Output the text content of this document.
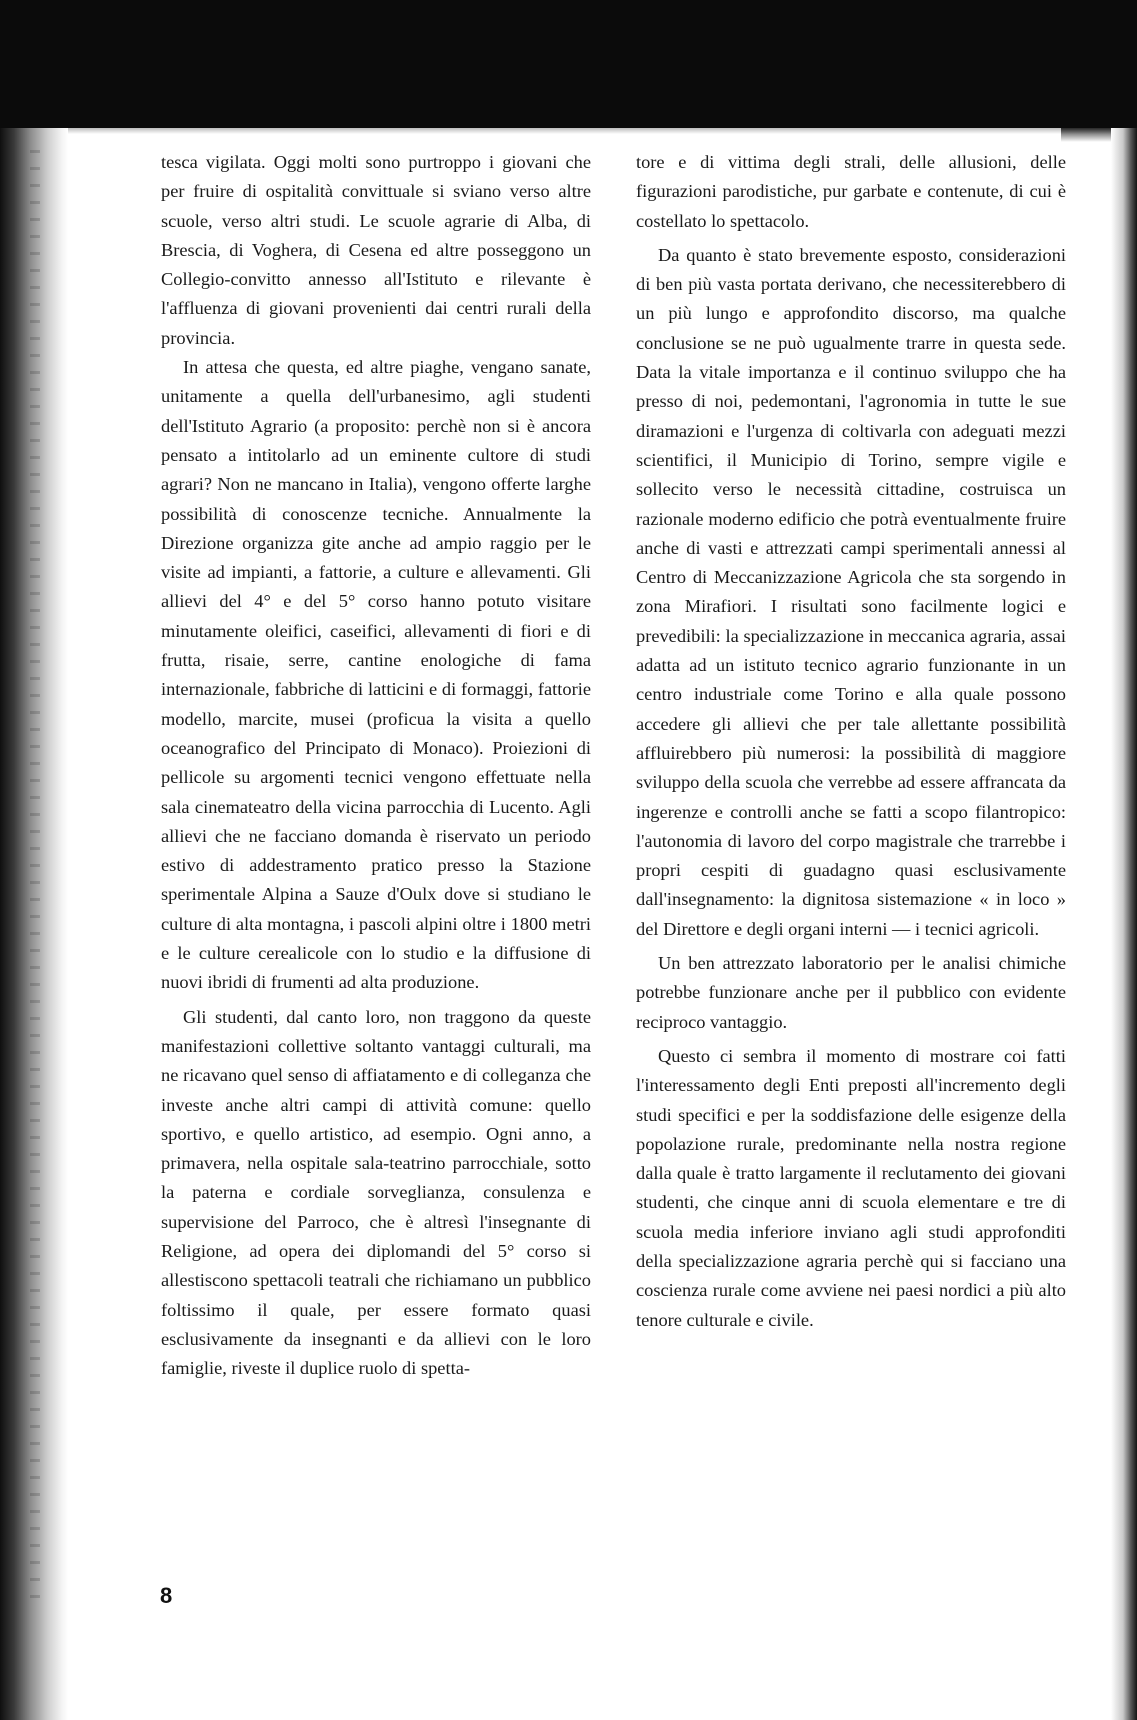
tesca vigilata. Oggi molti sono purtroppo i giovani che per fruire di ospitalità convittuale si sviano verso altre scuole, verso altri studi. Le scuole agrarie di Alba, di Brescia, di Voghera, di Cesena ed altre posseggono un Collegio-convitto annesso all'Istituto e rilevante è l'affluenza di giovani provenienti dai centri rurali della provincia.

In attesa che questa, ed altre piaghe, vengano sanate, unitamente a quella dell'urbanesimo, agli studenti dell'Istituto Agrario (a proposito: perchè non si è ancora pensato a intitolarlo ad un eminente cultore di studi agrari? Non ne mancano in Italia), vengono offerte larghe possibilità di conoscenze tecniche. Annualmente la Direzione organizza gite anche ad ampio raggio per le visite ad impianti, a fattorie, a culture e allevamenti. Gli allievi del 4° e del 5° corso hanno potuto visitare minutamente oleifici, caseifici, allevamenti di fiori e di frutta, risaie, serre, cantine enologiche di fama internazionale, fabbriche di latticini e di formaggi, fattorie modello, marcite, musei (proficua la visita a quello oceanografico del Principato di Monaco). Proiezioni di pellicole su argomenti tecnici vengono effettuate nella sala cinemateatro della vicina parrocchia di Lucento. Agli allievi che ne facciano domanda è riservato un periodo estivo di addestramento pratico presso la Stazione sperimentale Alpina a Sauze d'Oulx dove si studiano le culture di alta montagna, i pascoli alpini oltre i 1800 metri e le culture cerealicole con lo studio e la diffusione di nuovi ibridi di frumenti ad alta produzione.

Gli studenti, dal canto loro, non traggono da queste manifestazioni collettive soltanto vantaggi culturali, ma ne ricavano quel senso di affiatamento e di colleganza che investe anche altri campi di attività comune: quello sportivo, e quello artistico, ad esempio. Ogni anno, a primavera, nella ospitale sala-teatrino parrocchiale, sotto la paterna e cordiale sorveglianza, consulenza e supervisione del Parroco, che è altresì l'insegnante di Religione, ad opera dei diplomandi del 5° corso si allestiscono spettacoli teatrali che richiamano un pubblico foltissimo il quale, per essere formato quasi esclusivamente da insegnanti e da allievi con le loro famiglie, riveste il duplice ruolo di spetta-

tore e di vittima degli strali, delle allusioni, delle figurazioni parodistiche, pur garbate e contenute, di cui è costellato lo spettacolo.

Da quanto è stato brevemente esposto, considerazioni di ben più vasta portata derivano, che necessiterebbero di un più lungo e approfondito discorso, ma qualche conclusione se ne può ugualmente trarre in questa sede. Data la vitale importanza e il continuo sviluppo che ha presso di noi, pedemontani, l'agronomia in tutte le sue diramazioni e l'urgenza di coltivarla con adeguati mezzi scientifici, il Municipio di Torino, sempre vigile e sollecito verso le necessità cittadine, costruisca un razionale moderno edificio che potrà eventualmente fruire anche di vasti e attrezzati campi sperimentali annessi al Centro di Meccanizzazione Agricola che sta sorgendo in zona Mirafiori. I risultati sono facilmente logici e prevedibili: la specializzazione in meccanica agraria, assai adatta ad un istituto tecnico agrario funzionante in un centro industriale come Torino e alla quale possono accedere gli allievi che per tale allettante possibilità affluirebbero più numerosi: la possibilità di maggiore sviluppo della scuola che verrebbe ad essere affrancata da ingerenze e controlli anche se fatti a scopo filantropico: l'autonomia di lavoro del corpo magistrale che trarrebbe i propri cespiti di guadagno quasi esclusivamente dall'insegnamento: la dignitosa sistemazione « in loco » del Direttore e degli organi interni — i tecnici agricoli.

Un ben attrezzato laboratorio per le analisi chimiche potrebbe funzionare anche per il pubblico con evidente reciproco vantaggio.

Questo ci sembra il momento di mostrare coi fatti l'interessamento degli Enti preposti all'incremento degli studi specifici e per la soddisfazione delle esigenze della popolazione rurale, predominante nella nostra regione dalla quale è tratto largamente il reclutamento dei giovani studenti, che cinque anni di scuola elementare e tre di scuola media inferiore inviano agli studi approfonditi della specializzazione agraria perchè qui si facciano una coscienza rurale come avviene nei paesi nordici a più alto tenore culturale e civile.

8
